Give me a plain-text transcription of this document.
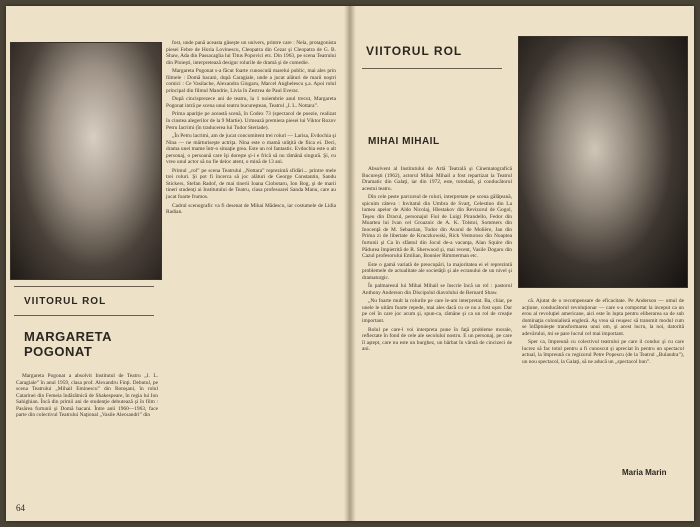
fost, unde pană aceasta găseşte un univers, printre care : Nela, protagonista piesei Febre de Horia Lovinescu, Cleopatra din Cezar şi Cleopatra de G. B. Shaw, Ada din Passacaglia lui Titus Popovici etc. Din 1963, pe scena Teatrului din Ploieşti, interpretează desigur rolurile de dramă şi de comedie.

Margareta Pogonat s-a făcut foarte cunoscută marelui public, mai ales prin filmele : Domă bacani, după Caragiale, unde a jucat alături de marii noştri comici : Ce Vasilache, Alexandra Giugaru, Marcel Anghelescu ş.a. Apoi rolul principal din filmul Mandrie, Livia în Zestrea de Paul Everac.

După cincisprezece ani de teatru, la 1 noiembrie anul trecut, Margareta Pogonat intră pe scena unui teatru bucureştean, Teatrul „I. L. Nottara”.

Prima apariţie pe această scenă, în Codex 73 (spectacol de poezie, realizat în cinstea alegerilor de la 9 Martie). Urmează premiera piesei lui Viktor Rozov Petru Iacrimi (în traducerea lui Tudor Steriade).

„În Petru lacrimi, am de jucat concomitent trei roluri — Larisa, Evdochia şi Nina — ne mărturiseşte actriţa. Nina este o mamă urâţită de fiica ei. Deci, drama unei mame într-o situaţie grea. Este un rol fantastic. Evdochia este o alt personaj, o persoană care îşi doreşte şi-i e frică să nu rămână singură. Şi, cu vreo unul actor să nu fie deloc atent, o mină de 13 ani.

Primul ,,rol” pe scena Teatrului ,,Nottara” reprezintă sfidări... printre mele trei roluri. Şi pot fi încerca să joc alături de George Constantin, Sandu Stickers, Stefan Radof, de mai tinerii Ioana Ciobotaru, Ion Bog, şi de marii tineri studenţi ai Institutului de Teatru, clasa profesoarei Sanda Manu, care au jucat foarte frumos.

Cadrul scenografic va fi desenat de Mihai Mădescu, iar costumele de Lidia Radian.

VIITORUL ROL
MARGARETA
POGONAT

Margareta Pogonat a absolvit Institutul de Teatru „I. L. Caragiale” în anul 1959, clasa prof. Alexandru Finţi. Debutul, pe scena Teatrului „Mihail Eminescu” din Botoşani, în rolul Catarinei din Femeia îndărătnică de Shakespeare, în regia lui Ion Sahighian. Încă din primii ani de studenţie debutează şi în film : Pasărea furtunii şi Domă bacani. Între anii 1960—1963, face parte din colectivul Teatrului Naţional „Vasile Alecsandri” din

64
VIITORUL ROL
MIHAI MIHAIL

Absolvent al Institutului de Artă Teatrală şi Cinematografică Bucureşti (1962), actorul Mihai Mihail a fost repartizat la Teatrul Dramatic din Galaţi, iar din 1972, este, totodată, şi conducătorul acestui teatru.

Din cele peste parcursul de roluri, interpretate pe scena gălăţeană, spicuim câteva : Invitatul din Umbra de Svarţ, Celestino din La lumea apelor de Aldo Nicolaj, Hlestakov din Revizorul de Gogol, Teşeu din Dracul, personajul Fiul de Luigi Pirandello, Fedor din Moartea lui Ivan cel Groaznic de A. K. Tolstoi, Sommers din Inocenţă de M. Sebastian, Tudor din Avarul de Molière, Jan din Prima zi de libertate de Kruczkowski, Rick Venturoso din Noaptea furtunii şi Ca în sfântul din Jocul de-a vacanţa, Alan Squire din Pădurea împietrită de R. Sherwood şi, mai recent, Vasile Dogaru din Cazul profesorului Emilian, Bonnier Rimmerman etc.

Este o gamă variată de preocupări, la majoritatea ei el reprezintă problemele de actualitate ale societăţii şi ale ecranului de un nivel şi dramaturgic.

În palmaresul lui Mihai Mihail se înscrie încă un rol : pastorul Anthony Anderson din Discipolul diavolului de Bernard Shaw.

„Nu foarte mult la rolurile pe care le-am interpretat. Ba, chiar, pe unele le uităm foarte repede, mai ales dacă cu ce nu a fost uşor. Dar pe cel în care joc acum şi, spun-ca, rămâne şi ca un rol de creaţie important.

Rolul pe care-l voi interpreta pune în faţă probleme morale, reflectate în fond de cele ale secolului nostru. E un personaj, pe care îl aştept, care nu este un burghez, un bărbat în vârstă de cincizeci de ani.

că. Ajutat de o recompensare de eficacitate. Pe Anderson — omul de acţiune, conducătorul revoluţionar — care s-a comportat la inceput ca un erou al revoluţiei americane, aici este în lupta pentru eliberarea sa de sub dominaţia colonialistă engleză. Aş vrea să reuşesc să transmit modul cum se înfăptuieşte transformarea unui om, şi acest lucru, la noi, datorită adevărului, mi se pare lucrul cel mai important.

Sper ca, împreună cu colectivul teatrului pe care il conduc şi cu care lucrez să fac totul pentru a fi cunoscut şi apreciat în pentru un spectacol actual, la împreună cu regizorul Petre Popescu (de la Teatrul „Bulandra”), un nou spectacol, la Galaţi, să ne aducă un „spectacol bun”.

Maria Marin
